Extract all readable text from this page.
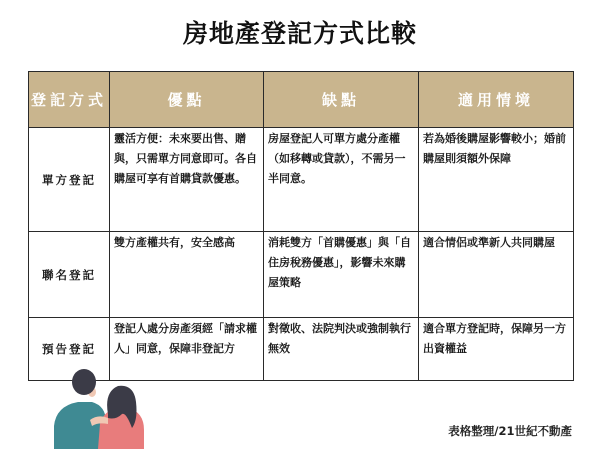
房地產登記方式比較
登記方式	優點	缺點	適用情境
單方登記	靈活方便：未來要出售、贈與，只需單方同意即可。各自購屋可享有首購貸款優惠。	房屋登記人可單方處分產權（如移轉或貸款），不需另一半同意。	若為婚後購屋影響較小；婚前購屋則須額外保障
聯名登記	雙方產權共有，安全感高	消耗雙方「首購優惠」與「自住房稅務優惠」，影響未來購屋策略	適合情侶或準新人共同購屋
預告登記	登記人處分房產須經「請求權人」同意，保障非登記方	對徵收、法院判決或強制執行無效	適合單方登記時，保障另一方出資權益
表格整理/21世紀不動產
